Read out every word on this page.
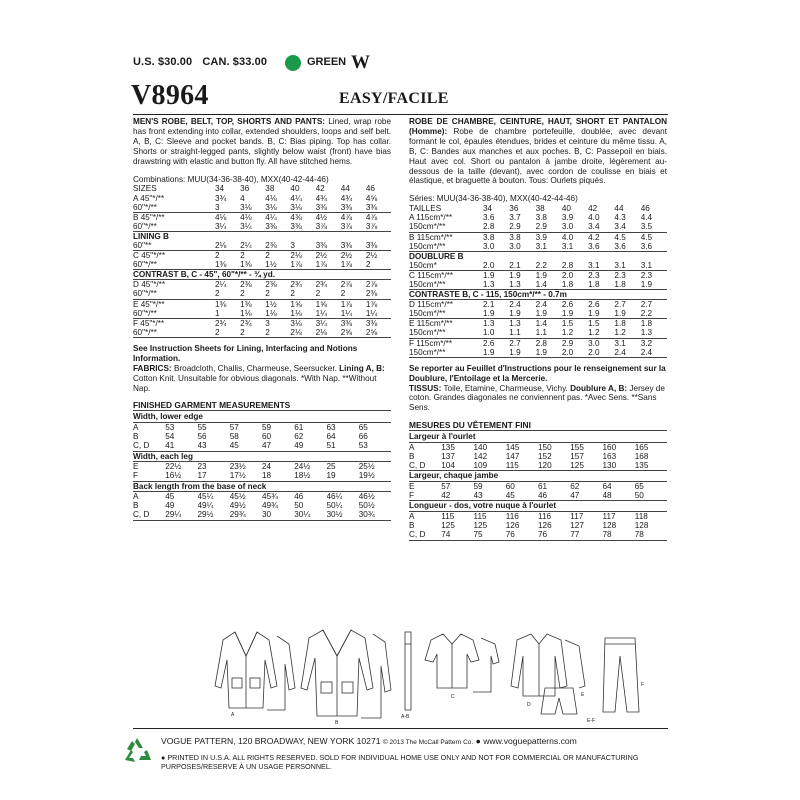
U.S. $30.00 CAN. $33.00	GREEN W
V8964	EASY/FACILE

MEN'S ROBE, BELT, TOP, SHORTS AND PANTS: Lined, wrap robe has front extending into collar, extended shoulders, loops and self belt. A, B, C: Sleeve and pocket bands. B, C: Bias piping. Top has collar. Shorts or straight-legged pants, slightly below waist (front) have bias drawstring with elastic and button fly. All have stitched hems.

Combinations: MUU(34-36-38-40), MXX(40-42-44-46)
SIZES	34	36	38	40	42	44	46
A 45"*/**	3¾	4	4⅛	4¼	4¾	4¾	4⅝
60"*/**	3	3⅛	3⅛	3⅛	3⅜	3⅜	3⅜
B 45"*/**	4⅛	4⅛	4¼	4⅜	4½	4⅞	4⅞
60"*/**	3¼	3¼	3⅜	3⅜	3⅞	3⅞	3⅞
LINING B							
60"**	2⅛	2¼	2⅜	3	3⅜	3⅜	3⅜
C 45"*/**	2	2	2	2⅛	2½	2½	2½
60"*/**	1⅜	1⅜	1½	1⅞	1⅞	1⅞	2
CONTRAST B, C - 45", 60"*/** - ¾ yd.							
D 45"*/**	2¼	2⅜	2⅜	2¾	2¾	2⅞	2⅞
60"*/**	2	2	2	2	2	2	2⅜
E 45"*/**	1⅜	1⅜	1½	1⅝	1⅝	1⅞	1⅞
60"*/**	1	1⅛	1⅛	1⅛	1¼	1¼	1¼
F 45"*/**	2¾	2¾	3	3⅛	3¼	3⅜	3⅜
60"*/**	2	2	2	2⅛	2⅛	2⅝	2⅝
See Instruction Sheets for Lining, Interfacing and Notions Information.
FABRICS: Broadcloth, Challis, Charmeuse, Seersucker. Lining A, B: Cotton Knit. Unsuitable for obvious diagonals. *With Nap. **Without Nap.
FINISHED GARMENT MEASUREMENTS
Width, lower edge							
A	53	55	57	59	61	63	65
B	54	56	58	60	62	64	66
C, D	41	43	45	47	49	51	53
Width, each leg							
E	22½	23	23½	24	24½	25	25½
F	16½	17	17½	18	18½	19	19½
Back length from the base of neck							
A	45	45¼	45½	45¾	46	46¼	46½
B	49	49¼	49½	49¾	50	50¼	50½
C, D	29¼	29½	29¾	30	30¼	30½	30¾

ROBE DE CHAMBRE, CEINTURE, HAUT, SHORT ET PANTALON (Homme): Robe de chambre portefeuille, doublée, avec devant formant le col, épaules étendues, brides et ceinture du même tissu. A, B, C: Bandes aux manches et aux poches. B, C: Passepoil en biais. Haut avec col. Short ou pantalon à jambe droite, légèrement au-dessous de la taille (devant), avec cordon de coulisse en biais et élastique, et braguette à bouton. Tous: Ourlets piqués.

Séries: MUU(34-36-38-40), MXX(40-42-44-46)
TAILLES	34	36	38	40	42	44	46
A 115cm*/**	3.6	3.7	3.8	3.9	4.0	4.3	4.4
150cm*/**	2.8	2.9	2.9	3.0	3.4	3.4	3.5
B 115cm*/**	3.8	3.8	3.9	4.0	4.2	4.5	4.5
150cm*/**	3.0	3.0	3.1	3.1	3.6	3.6	3.6
DOUBLURE B							
150cm*	2.0	2.1	2.2	2.8	3.1	3.1	3.1
C 115cm*/**	1.9	1.9	1.9	2.0	2.3	2.3	2.3
150cm*/**	1.3	1.3	1.4	1.8	1.8	1.8	1.9
CONTRASTE B, C - 115, 150cm*/** - 0.7m							
D 115cm*/**	2.1	2.4	2.4	2.6	2.6	2.7	2.7
150cm*/**	1.9	1.9	1.9	1.9	1.9	1.9	2.2
E 115cm*/**	1.3	1.3	1.4	1.5	1.5	1.8	1.8
150cm*/**	1.0	1.1	1.1	1.2	1.2	1.2	1.3
F 115cm*/**	2.6	2.7	2.8	2.9	3.0	3.1	3.2
150cm*/**	1.9	1.9	1.9	2.0	2.0	2.4	2.4
Se reporter au Feuillet d'Instructions pour le renseignement sur la Doublure, l'Entoilage et la Mercerie.
TISSUS: Toile, Etamine, Charmeuse, Vichy. Doublure A, B: Jersey de coton. Grandes diagonales ne conviennent pas. *Avec Sens. **Sans Sens.
MESURES DU VÊTEMENT FINI
Largeur à l'ourlet							
A	135	140	145	150	155	160	165
B	137	142	147	152	157	163	168
C, D	104	109	115	120	125	130	135
Largeur, chaque jambe							
E	57	59	60	61	62	64	65
F	42	43	45	46	47	48	50
Longueur - dos, votre nuque à l'ourlet							
A	115	115	116	116	117	117	118
B	125	125	126	126	127	128	128
C, D	74	75	76	76	77	78	78
A
B
A-B
C
D
E
F
E-F
VOGUE PATTERN, 120 BROADWAY, NEW YORK 10271 © 2013 The McCall Pattern Co. ● www.voguepatterns.com
● PRINTED IN U.S.A. ALL RIGHTS RESERVED. SOLD FOR INDIVIDUAL HOME USE ONLY AND NOT FOR COMMERCIAL OR MANUFACTURING PURPOSES/RESERVE À UN USAGE PERSONNEL.
